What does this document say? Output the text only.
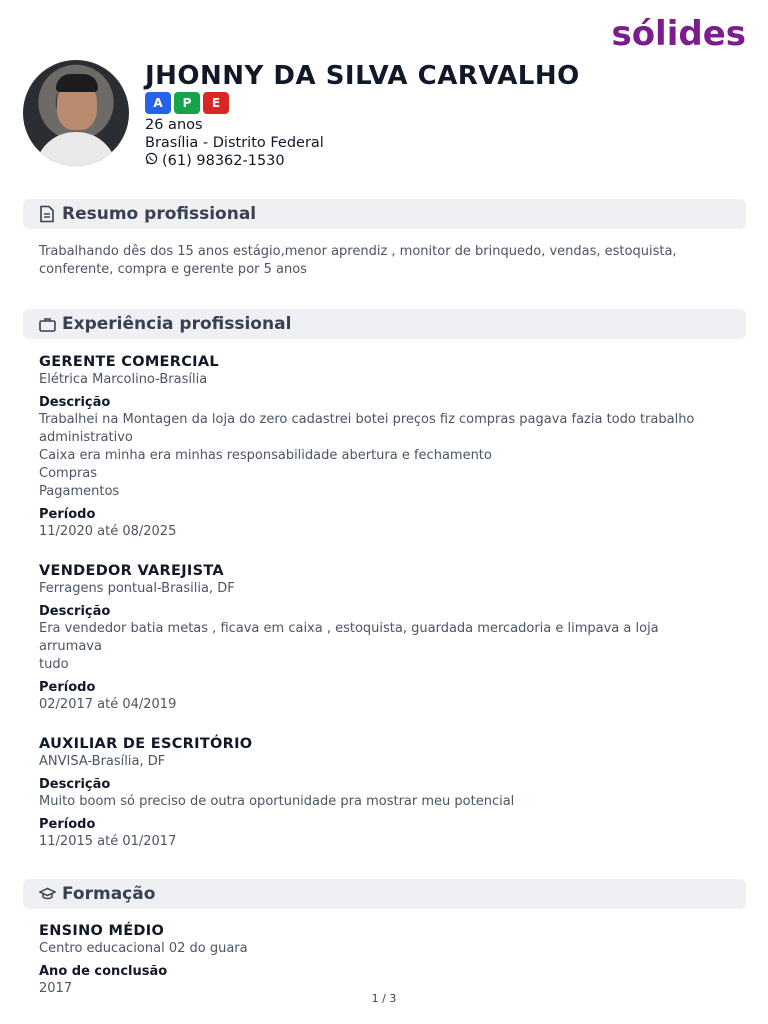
sólides
JHONNY DA SILVA CARVALHO
A	P	E
26 anos
Brasília - Distrito Federal
(61) 98362-1530
Resumo profissional
Trabalhando dês dos 15 anos estágio,menor aprendiz , monitor de brinquedo, vendas, estoquista,
conferente, compra e gerente por 5 anos
Experiência profissional
GERENTE COMERCIAL
Elétrica Marcolino-Brasília
Descrição
Trabalhei na Montagen da loja do zero cadastrei botei preços fiz compras pagava fazia todo trabalho
administrativo
Caixa era minha era minhas responsabilidade abertura e fechamento
Compras
Pagamentos
Período
11/2020 até 08/2025
VENDEDOR VAREJISTA
Ferragens pontual-Brasilia, DF
Descrição
Era vendedor batia metas , ficava em caixa , estoquista, guardada mercadoria e limpava a loja
arrumava
tudo
Período
02/2017 até 04/2019
AUXILIAR DE ESCRITÓRIO
ANVISA-Brasília, DF
Descrição
Muito boom só preciso de outra oportunidade pra mostrar meu potencial
Período
11/2015 até 01/2017
Formação
ENSINO MÉDIO
Centro educacional 02 do guara
Ano de conclusão
2017
1 / 3
